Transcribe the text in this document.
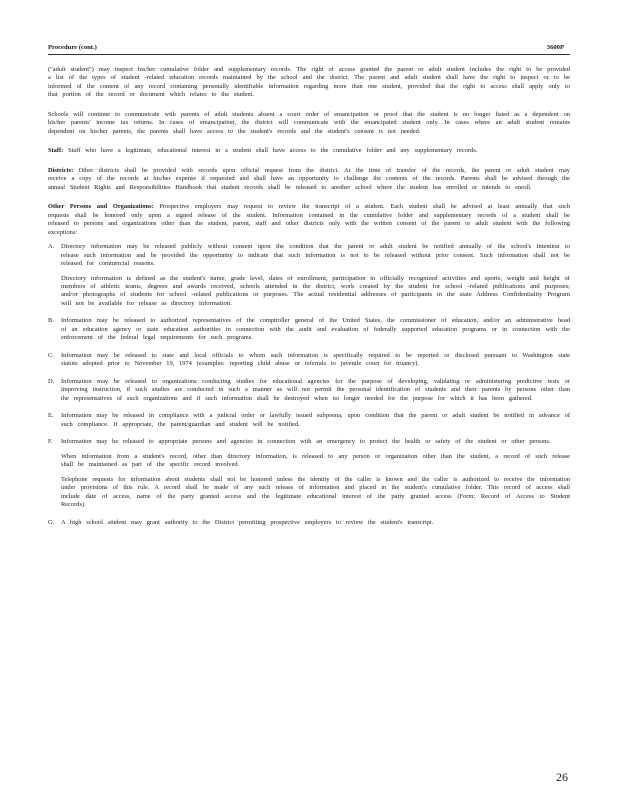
Procedure (cont.)	3600P

("adult student") may inspect his/her cumulative folder and supplementary records. The right of access granted the parent or adult student includes the right to be provided a list of the types of student -related education records maintained by the school and the district. The parent and adult student shall have the right to inspect or to be informed of the content of any record containing personally identifiable information regarding more than one student, provided that the right to access shall apply only to that portion of the record or document which relates to the student.

Schools will continue to communicate with parents of adult students absent a court order of emancipation or proof that the student is no longer listed as a dependent on his/her parents' income tax returns. In cases of emancipation, the district will communicate with the emancipated student only. In cases where an adult student remains dependent on his/her parents, the parents shall have access to the student's records and the student's consent is not needed.

Staff: Staff who have a legitimate, educational interest in a student shall have access to the cumulative folder and any supplementary records.

Districts: Other districts shall be provided with records upon official request from the district. At the time of transfer of the records, the parent or adult student may receive a copy of the records at his/her expense if requested and shall have an opportunity to challenge the contents of the records. Parents shall be advised through the annual Student Rights and Responsibilities Handbook that student records shall be released to another school where the student has enrolled or intends to enroll.

Other Persons and Organizations: Prospective employers may request to review the transcript of a student. Each student shall be advised at least annually that such requests shall be honored only upon a signed release of the student. Information contained in the cumulative folder and supplementary records of a student shall be released to persons and organizations other than the student, parent, staff and other districts only with the written consent of the parent or adult student with the following exceptions:

A.	Directory information may be released publicly without consent upon the condition that the parent or adult student be notified annually of the school's intention to release such information and be provided the opportunity to indicate that such information is not to be released without prior consent. Such information shall not be released for commercial reasons.
Directory information is defined as the student's name, grade level, dates of enrollment, participation in officially recognized activities and sports, weight and height of members of athletic teams, degrees and awards received, schools attended in the district, work created by the student for school -related publications and purposes; and/or photographs of students for school -related publications or purposes. The actual residential addresses of participants in the state Address Confidentiality Program will not be available for release as directory information.
B.	Information may be released to authorized representatives of the comptroller general of the United States, the commissioner of education, and/or an administrative head of an education agency or state education authorities in connection with the audit and evaluation of federally supported education programs or in connection with the enforcement of the federal legal requirements for such programs.
C.	Information may be released to state and local officials to whom such information is specifically required to be reported or disclosed pursuant to Washington state statute adopted prior to November 19, 1974 (examples: reporting child abuse or referrals to juvenile court for truancy).
D.	Information may be released to organizations conducting studies for educational agencies for the purpose of developing, validating or administering predictive tests or improving instruction, if such studies are conducted in such a manner as will not permit the personal identification of students and their parents by persons other than the representatives of such organizations and if such information shall be destroyed when no longer needed for the purpose for which it has been gathered.
E.	Information may be released in compliance with a judicial order or lawfully issued subpoena, upon condition that the parent or adult student be notified in advance of such compliance. If appropriate, the parent/guardian and student will be notified.
F.	Information may be released to appropriate persons and agencies in connection with an emergency to protect the health or safety of the student or other persons.

When information from a student's record, other than directory information, is released to any person or organization other than the student, a record of such release shall be maintained as part of the specific record involved.

Telephone requests for information about students shall not be honored unless the identity of the caller is known and the caller is authorized to receive the information under provisions of this rule. A record shall be made of any such release of information and placed in the student's cumulative folder. This record of access shall include date of access, name of the party granted access and the legitimate educational interest of the party granted access (Form: Record of Access to Student Records).

G.	A high school student may grant authority to the District permitting prospective employers to review the student's transcript.
26
